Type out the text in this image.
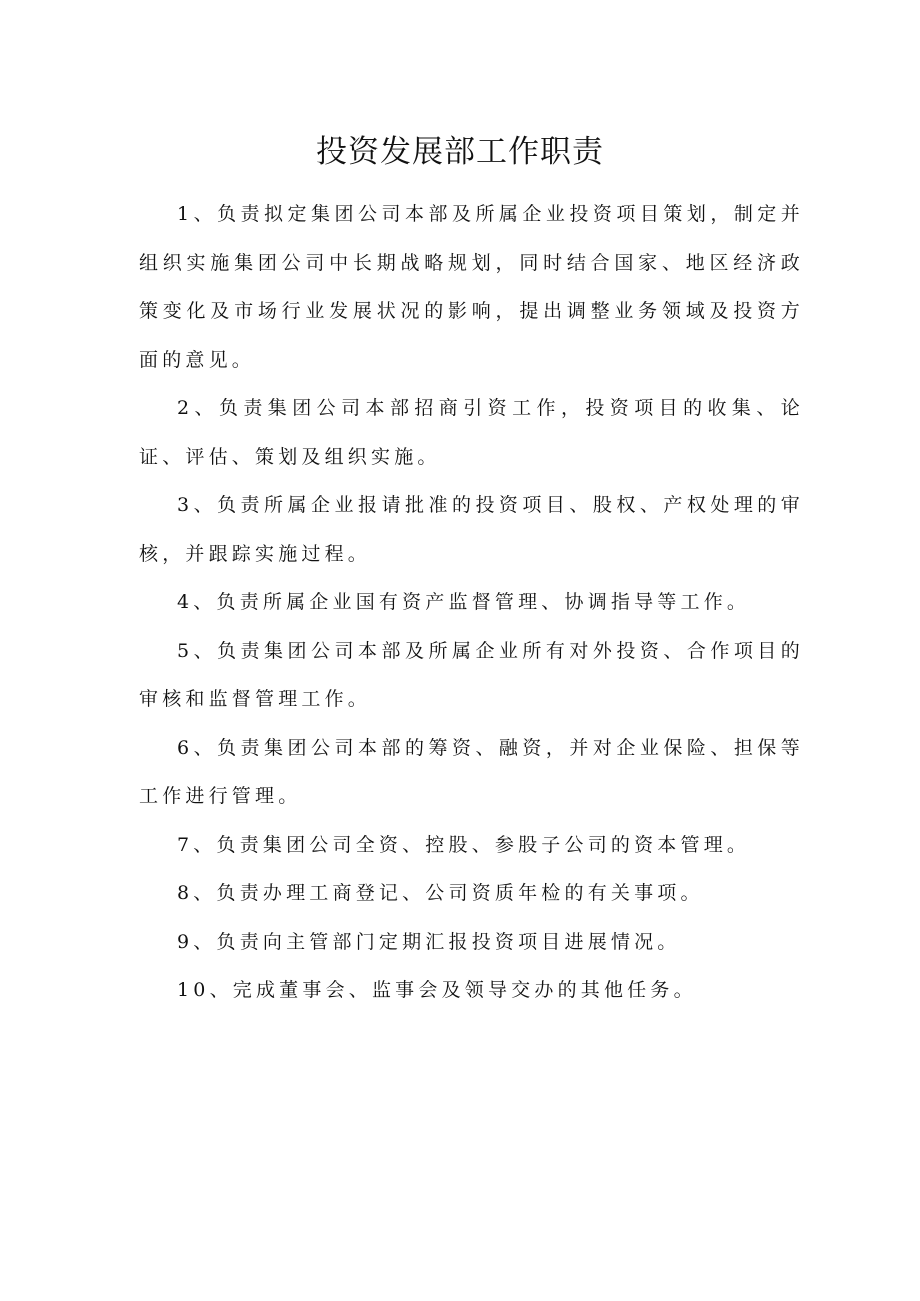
投资发展部工作职责

1、负责拟定集团公司本部及所属企业投资项目策划，制定并组织实施集团公司中长期战略规划，同时结合国家、地区经济政策变化及市场行业发展状况的影响，提出调整业务领域及投资方面的意见。

2、负责集团公司本部招商引资工作，投资项目的收集、论证、评估、策划及组织实施。

3、负责所属企业报请批准的投资项目、股权、产权处理的审核，并跟踪实施过程。

4、负责所属企业国有资产监督管理、协调指导等工作。

5、负责集团公司本部及所属企业所有对外投资、合作项目的审核和监督管理工作。

6、负责集团公司本部的筹资、融资，并对企业保险、担保等工作进行管理。

7、负责集团公司全资、控股、参股子公司的资本管理。

8、负责办理工商登记、公司资质年检的有关事项。

9、负责向主管部门定期汇报投资项目进展情况。

10、完成董事会、监事会及领导交办的其他任务。
